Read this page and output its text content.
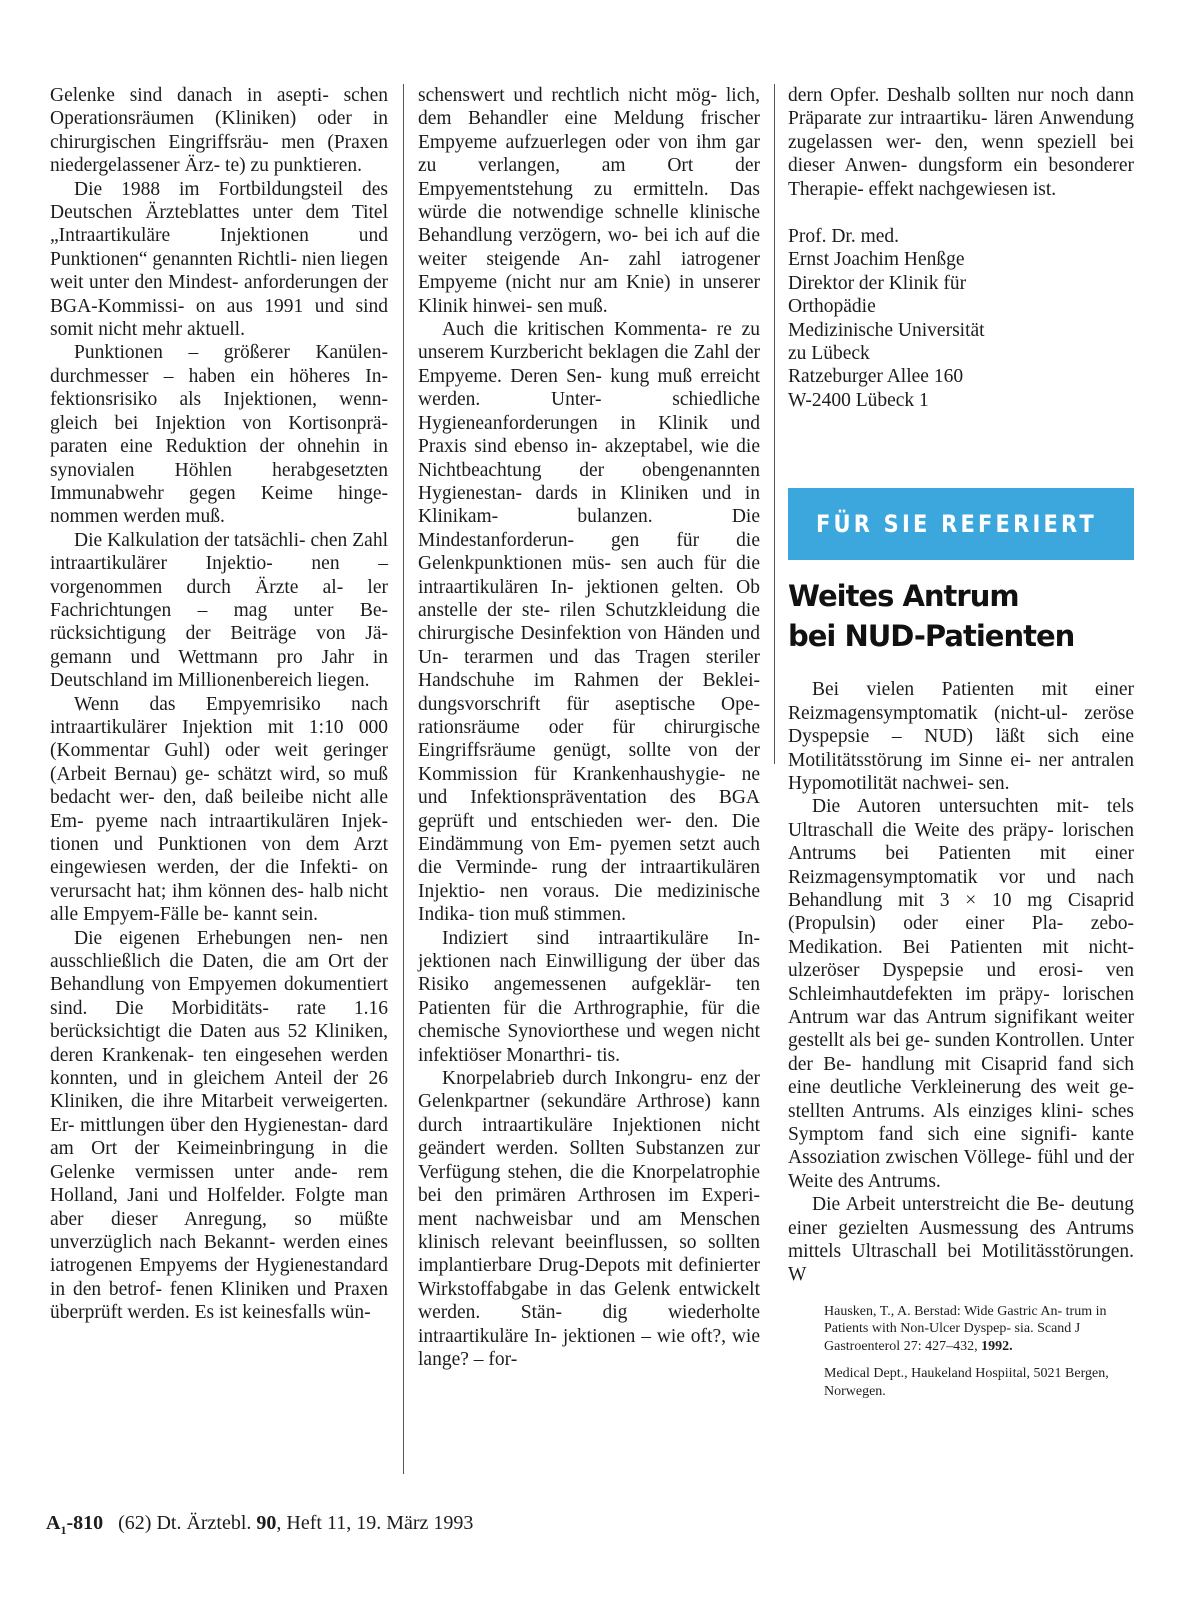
Gelenke sind danach in asepti- schen Operationsräumen (Kliniken) oder in chirurgischen Eingriffsräu- men (Praxen niedergelassener Ärz- te) zu punktieren.

Die 1988 im Fortbildungsteil des Deutschen Ärzteblattes unter dem Titel „Intraartikuläre Injektionen und Punktionen“ genannten Richtli- nien liegen weit unter den Mindest- anforderungen der BGA-Kommissi- on aus 1991 und sind somit nicht mehr aktuell.

Punktionen – größerer Kanülen- durchmesser – haben ein höheres In- fektionsrisiko als Injektionen, wenn- gleich bei Injektion von Kortisonprä- paraten eine Reduktion der ohnehin in synovialen Höhlen herabgesetzten Immunabwehr gegen Keime hinge- nommen werden muß.

Die Kalkulation der tatsächli- chen Zahl intraartikulärer Injektio- nen – vorgenommen durch Ärzte al- ler Fachrichtungen – mag unter Be- rücksichtigung der Beiträge von Jä- gemann und Wettmann pro Jahr in Deutschland im Millionenbereich liegen.

Wenn das Empyemrisiko nach intraartikulärer Injektion mit 1:10 000 (Kommentar Guhl) oder weit geringer (Arbeit Bernau) ge- schätzt wird, so muß bedacht wer- den, daß beileibe nicht alle Em- pyeme nach intraartikulären Injek- tionen und Punktionen von dem Arzt eingewiesen werden, der die Infekti- on verursacht hat; ihm können des- halb nicht alle Empyem-Fälle be- kannt sein.

Die eigenen Erhebungen nen- nen ausschließlich die Daten, die am Ort der Behandlung von Empyemen dokumentiert sind. Die Morbiditäts- rate 1.16 berücksichtigt die Daten aus 52 Kliniken, deren Krankenak- ten eingesehen werden konnten, und in gleichem Anteil der 26 Kliniken, die ihre Mitarbeit verweigerten. Er- mittlungen über den Hygienestan- dard am Ort der Keimeinbringung in die Gelenke vermissen unter ande- rem Holland, Jani und Holfelder. Folgte man aber dieser Anregung, so müßte unverzüglich nach Bekannt- werden eines iatrogenen Empyems der Hygienestandard in den betrof- fenen Kliniken und Praxen überprüft werden. Es ist keinesfalls wün-

schenswert und rechtlich nicht mög- lich, dem Behandler eine Meldung frischer Empyeme aufzuerlegen oder von ihm gar zu verlangen, am Ort der Empyementstehung zu ermitteln. Das würde die notwendige schnelle klinische Behandlung verzögern, wo- bei ich auf die weiter steigende An- zahl iatrogener Empyeme (nicht nur am Knie) in unserer Klinik hinwei- sen muß.

Auch die kritischen Kommenta- re zu unserem Kurzbericht beklagen die Zahl der Empyeme. Deren Sen- kung muß erreicht werden. Unter- schiedliche Hygieneanforderungen in Klinik und Praxis sind ebenso in- akzeptabel, wie die Nichtbeachtung der obengenannten Hygienestan- dards in Kliniken und in Klinikam- bulanzen. Die Mindestanforderun- gen für die Gelenkpunktionen müs- sen auch für die intraartikulären In- jektionen gelten. Ob anstelle der ste- rilen Schutzkleidung die chirurgische Desinfektion von Händen und Un- terarmen und das Tragen steriler Handschuhe im Rahmen der Beklei- dungsvorschrift für aseptische Ope- rationsräume oder für chirurgische Eingriffsräume genügt, sollte von der Kommission für Krankenhaushygie- ne und Infektionspräventation des BGA geprüft und entschieden wer- den. Die Eindämmung von Em- pyemen setzt auch die Verminde- rung der intraartikulären Injektio- nen voraus. Die medizinische Indika- tion muß stimmen.

Indiziert sind intraartikuläre In- jektionen nach Einwilligung der über das Risiko angemessenen aufgeklär- ten Patienten für die Arthrographie, für die chemische Synoviorthese und wegen nicht infektiöser Monarthri- tis.

Knorpelabrieb durch Inkongru- enz der Gelenkpartner (sekundäre Arthrose) kann durch intraartikuläre Injektionen nicht geändert werden. Sollten Substanzen zur Verfügung stehen, die die Knorpelatrophie bei den primären Arthrosen im Experi- ment nachweisbar und am Menschen klinisch relevant beeinflussen, so sollten implantierbare Drug-Depots mit definierter Wirkstoffabgabe in das Gelenk entwickelt werden. Stän- dig wiederholte intraartikuläre In- jektionen – wie oft?, wie lange? – for-

dern Opfer. Deshalb sollten nur noch dann Präparate zur intraartiku- lären Anwendung zugelassen wer- den, wenn speziell bei dieser Anwen- dungsform ein besonderer Therapie- effekt nachgewiesen ist.

Prof. Dr. med.
Ernst Joachim Henßge
Direktor der Klinik für
Orthopädie
Medizinische Universität
zu Lübeck
Ratzeburger Allee 160
W-2400 Lübeck 1
FÜR SIE REFERIERT
Weites Antrum
bei NUD-Patienten

Bei vielen Patienten mit einer Reizmagensymptomatik (nicht-ul- zeröse Dyspepsie – NUD) läßt sich eine Motilitätsstörung im Sinne ei- ner antralen Hypomotilität nachwei- sen.

Die Autoren untersuchten mit- tels Ultraschall die Weite des präpy- lorischen Antrums bei Patienten mit einer Reizmagensymptomatik vor und nach Behandlung mit 3 × 10 mg Cisaprid (Propulsin) oder einer Pla- zebo-Medikation. Bei Patienten mit nicht-ulzeröser Dyspepsie und erosi- ven Schleimhautdefekten im präpy- lorischen Antrum war das Antrum signifikant weiter gestellt als bei ge- sunden Kontrollen. Unter der Be- handlung mit Cisaprid fand sich eine deutliche Verkleinerung des weit ge- stellten Antrums. Als einziges klini- sches Symptom fand sich eine signifi- kante Assoziation zwischen Völlege- fühl und der Weite des Antrums.

Die Arbeit unterstreicht die Be- deutung einer gezielten Ausmessung des Antrums mittels Ultraschall bei Motilitässtörungen. W

Hausken, T., A. Berstad: Wide Gastric An- trum in Patients with Non-Ulcer Dyspep- sia. Scand J Gastroenterol 27: 427–432, 1992.

Medical Dept., Haukeland Hospiital, 5021 Bergen, Norwegen.

$A_1-810$ (62) Dt. Ärztebl. 90, Heft 11, 19. März 1993
